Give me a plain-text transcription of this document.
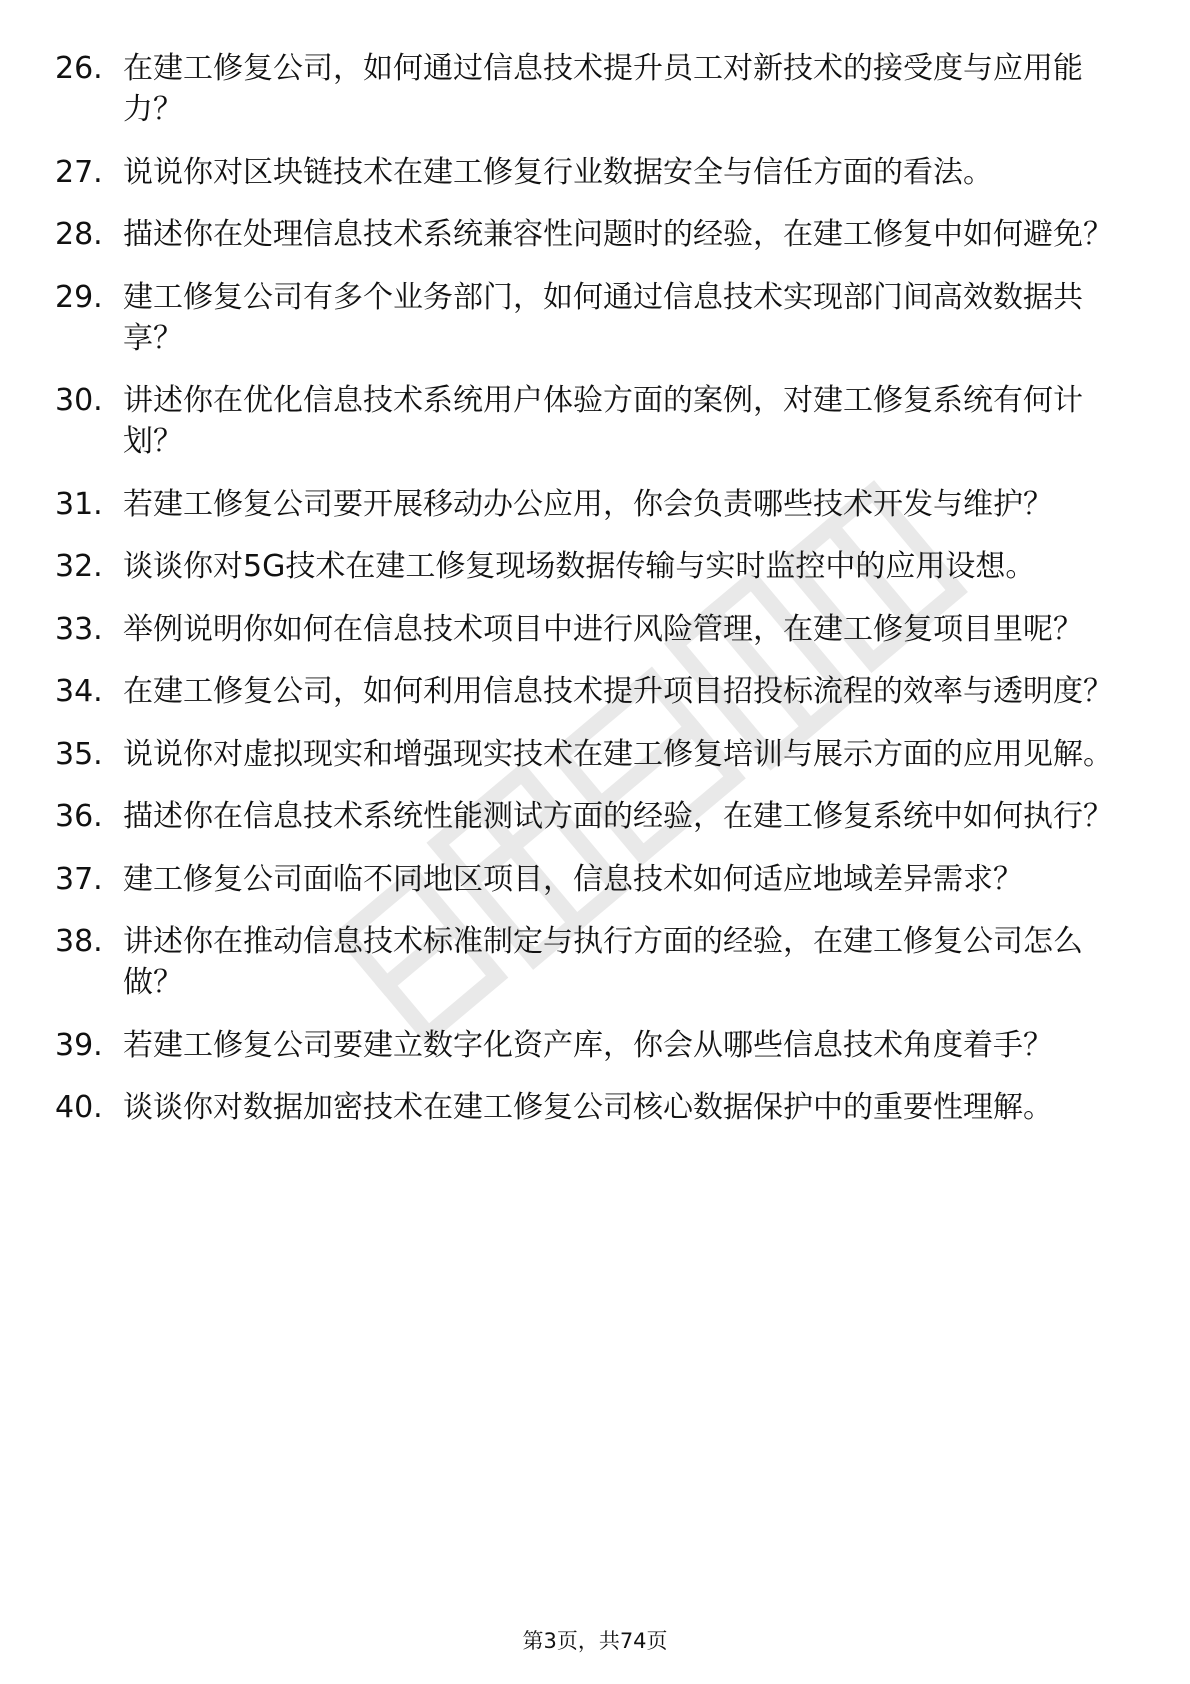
26. 在建工修复公司，如何通过信息技术提升员工对新技术的接受度与应用能力？
27. 说说你对区块链技术在建工修复行业数据安全与信任方面的看法。
28. 描述你在处理信息技术系统兼容性问题时的经验，在建工修复中如何避免？
29. 建工修复公司有多个业务部门，如何通过信息技术实现部门间高效数据共享？
30. 讲述你在优化信息技术系统用户体验方面的案例，对建工修复系统有何计划？
31. 若建工修复公司要开展移动办公应用，你会负责哪些技术开发与维护？
32. 谈谈你对5G技术在建工修复现场数据传输与实时监控中的应用设想。
33. 举例说明你如何在信息技术项目中进行风险管理，在建工修复项目里呢？
34. 在建工修复公司，如何利用信息技术提升项目招投标流程的效率与透明度？
35. 说说你对虚拟现实和增强现实技术在建工修复培训与展示方面的应用见解。
36. 描述你在信息技术系统性能测试方面的经验，在建工修复系统中如何执行？
37. 建工修复公司面临不同地区项目，信息技术如何适应地域差异需求？
38. 讲述你在推动信息技术标准制定与执行方面的经验，在建工修复公司怎么做？
39. 若建工修复公司要建立数字化资产库，你会从哪些信息技术角度着手？
40. 谈谈你对数据加密技术在建工修复公司核心数据保护中的重要性理解。
第3页，共74页
